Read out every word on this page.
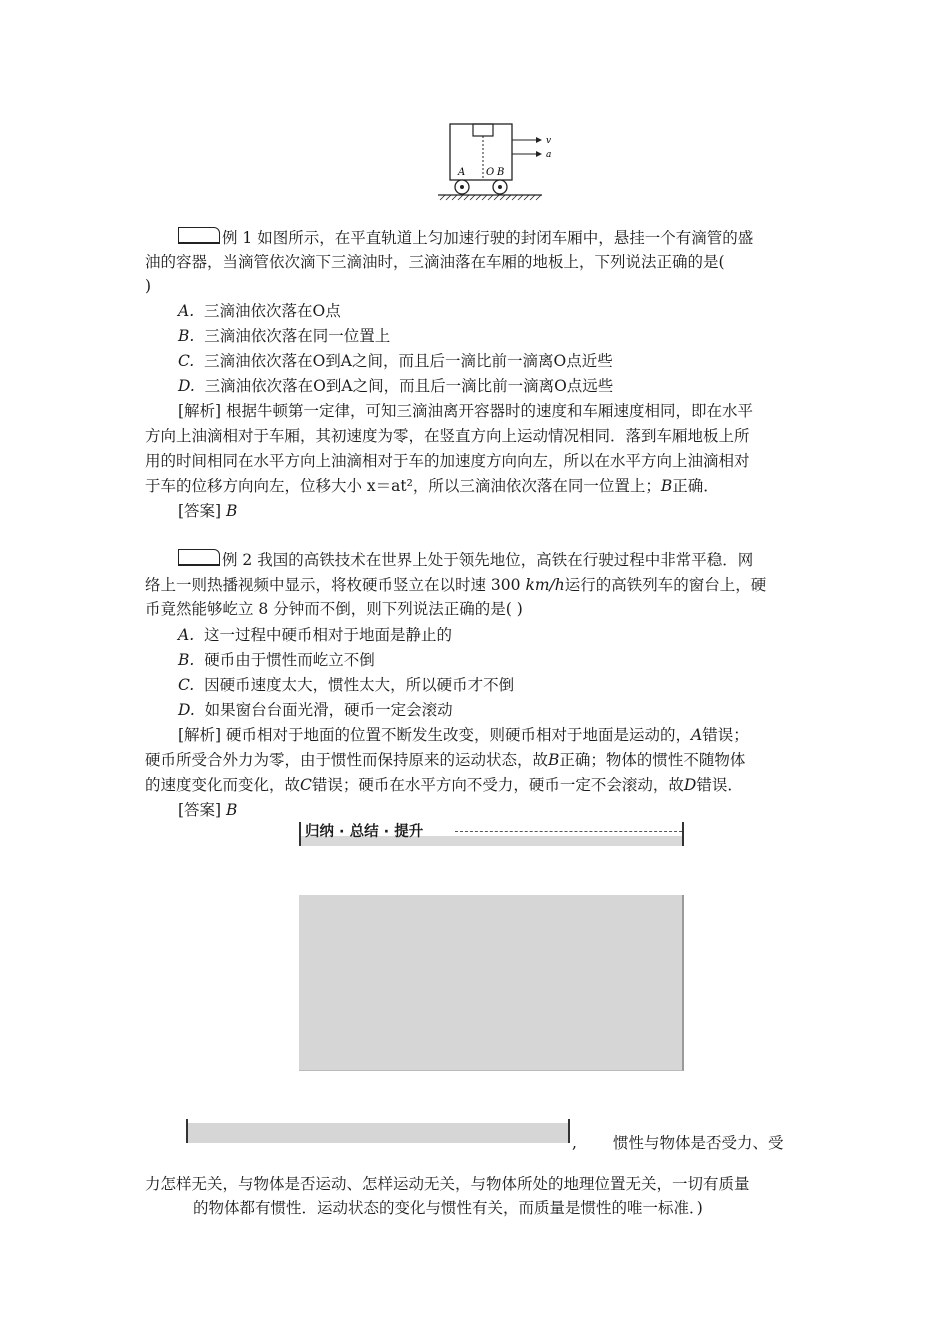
v
a
A O B
例 1 如图所示，在平直轨道上匀加速行驶的封闭车厢中，悬挂一个有滴管的盛
油的容器，当滴管依次滴下三滴油时，三滴油落在车厢的地板上，下列说法正确的是(
)
A. 三滴油依次落在O点
B. 三滴油依次落在同一位置上
C. 三滴油依次落在O到A之间，而且后一滴比前一滴离O点近些
D. 三滴油依次落在O到A之间，而且后一滴比前一滴离O点远些
[解析] 根据牛顿第一定律，可知三滴油离开容器时的速度和车厢速度相同，即在水平
方向上油滴相对于车厢，其初速度为零，在竖直方向上运动情况相同．落到车厢地板上所
用的时间相同在水平方向上油滴相对于车的加速度方向向左，所以在水平方向上油滴相对
于车的位移方向向左，位移大小 x＝at²，所以三滴油依次落在同一位置上；B正确．
[答案] B
例 2 我国的高铁技术在世界上处于领先地位，高铁在行驶过程中非常平稳．网
络上一则热播视频中显示，将枚硬币竖立在以时速 300 km/h运行的高铁列车的窗台上，硬
币竟然能够屹立 8 分钟而不倒，则下列说法正确的是( )
A. 这一过程中硬币相对于地面是静止的
B. 硬币由于惯性而屹立不倒
C. 因硬币速度太大，惯性太大，所以硬币才不倒
D. 如果窗台台面光滑，硬币一定会滚动
[解析] 硬币相对于地面的位置不断发生改变，则硬币相对于地面是运动的，A错误；
硬币所受合外力为零，由于惯性而保持原来的运动状态，故B正确；物体的惯性不随物体
的速度变化而变化，故C错误；硬币在水平方向不受力，硬币一定不会滚动，故D错误．
[答案] B
归纳 · 总结 · 提升
, 惯性与物体是否受力、受
力怎样无关，与物体是否运动、怎样运动无关，与物体所处的地理位置无关，一切有质量
的物体都有惯性．运动状态的变化与惯性有关，而质量是惯性的唯一标准．)
